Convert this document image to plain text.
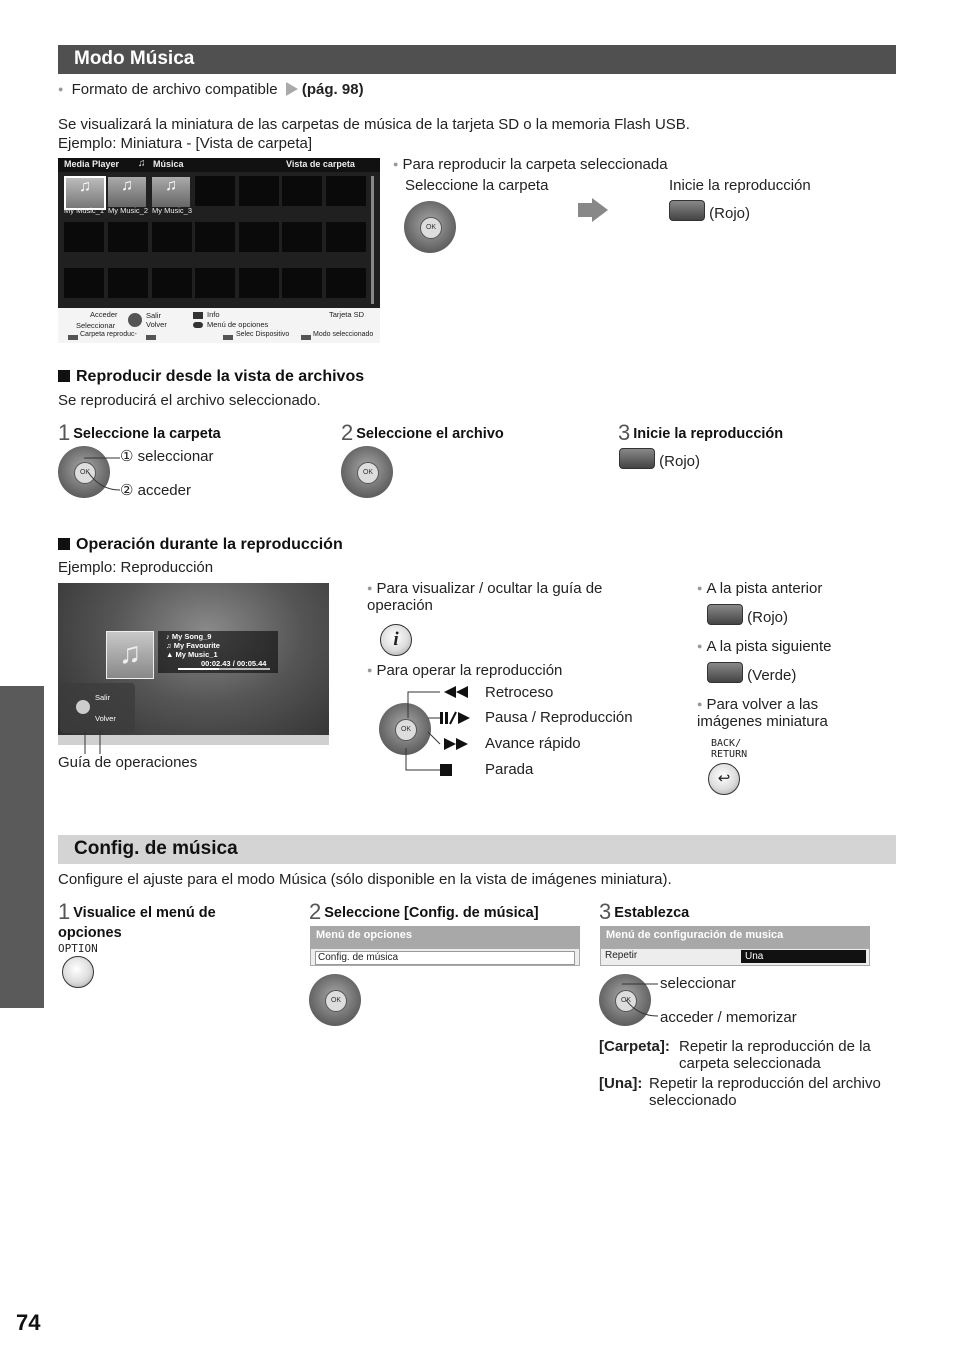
Utilización de Media Player
74
Modo Música
● Formato de archivo compatible (pág. 98)
Se visualizará la miniatura de las carpetas de música de la tarjeta SD o la memoria Flash USB.
Ejemplo: Miniatura - [Vista de carpeta]
Media Player ♫ Música	Vista de carpeta
♫
My Music_1
♫
My Music_2
♫
My Music_3
Acceder
Seleccionar
Salir
Volver
Info
Menú de opciones
Tarjeta SD
Carpeta reproduc-	Selec Dispositivo	Modo seleccionado
● Para reproducir la carpeta seleccionada
Seleccione la carpeta	Inicie la reproducción
OK
(Rojo)
Reproducir desde la vista de archivos
Se reproducirá el archivo seleccionado.
1 Seleccione la carpeta
OK
① seleccionar
② acceder
2 Seleccione el archivo
OK
3 Inicie la reproducción
(Rojo)
Operación durante la reproducción
Ejemplo: Reproducción
♫
♪ My Song_9
♫ My Favourite
▲ My Music_1
00:02.43 / 00:05.44
Salir
Volver
Guía de operaciones
● Para visualizar / ocultar la guía de operación
i
● Para operar la reproducción
OK
Retroceso
Pausa / Reproducción
Avance rápido
Parada
● A la pista anterior
(Rojo)
● A la pista siguiente
(Verde)
● Para volver a las imágenes miniatura
BACK/
RETURN
↩
Config. de música
Configure el ajuste para el modo Música (sólo disponible en la vista de imágenes miniatura).
1 Visualice el menú de opciones
OPTION
2 Seleccione [Config. de música]
Menú de opciones
Config. de música
OK
3 Establezca
Menú de configuración de musica
Repetir	Una
OK
seleccionar
acceder / memorizar
[Carpeta]: Repetir la reproducción de la carpeta seleccionada
[Una]: Repetir la reproducción del archivo seleccionado
